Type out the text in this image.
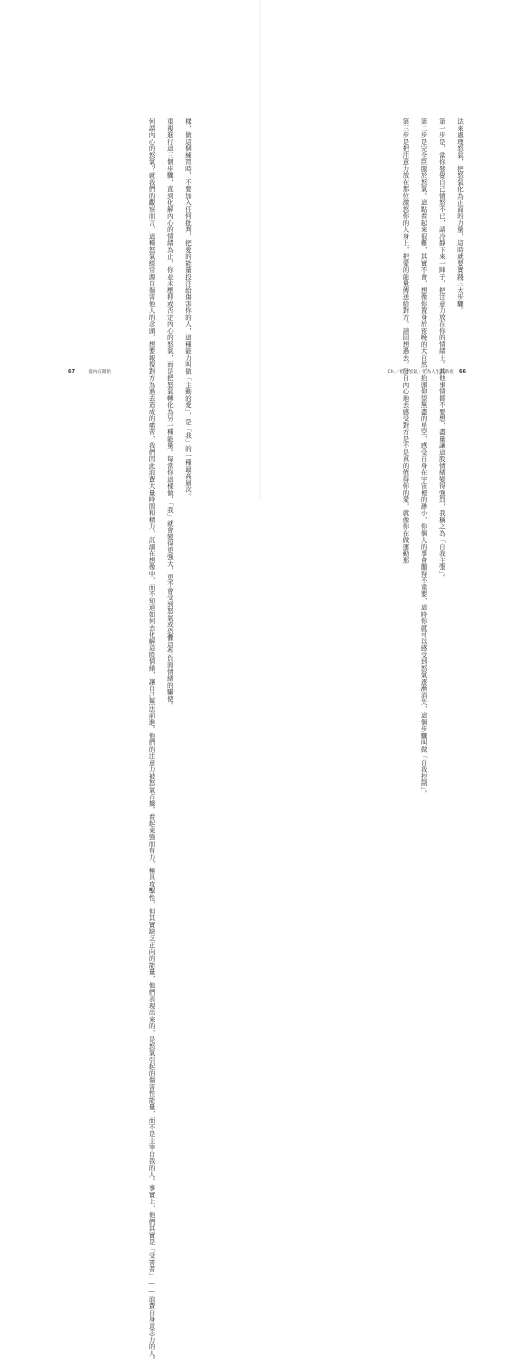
樣，做這個練習時，不要加入任何批判，把愛的能量投注給傷害你的人，這種能力叫做「主動的愛」，是「我」的一種最高層次。

重複進行這三個步驟，直到化解內心的情緒為止，你並未壓抑或否定內心的怒氣，而是把怒氣轉化為另一種能量。每當你這樣做，「我」就會變得更強大，更不會受到怒氣或恐懼這些負面情緒的驅使。

何謂內心的怒氣？就我們的觀察而言，這種怒氣經常源自傷害他人的念頭，想要報復對方為過去造成的痛苦，我們因此浪費大量時間和精力，沉溺在想像中，而不知道如何去化解這股情緒，讓自己無法前進。他們的注意力被怒氣占據，看起來強而有力，極具攻擊性，但其實缺乏正向的能量，他們表現出來的，是怒氣引起的傷害性能量，而不是主宰自我的人。事實上，他們其實是「受害者」——浪費自身意志力的人。

67	從內在開始

法來處理怒氣，把怒氣化為正面的力量，這時就要實踐三大步驟。

第一步是，當你發覺自己憤怒不已，請冷靜下來一陣子，把注意力放在你的情緒上。其他事情都不要想，盡量讓這股情緒變得強烈，我稱之為「自我主張」。

第二步是完全臣服於怒氣。這點看起來很難，其實不會，想像你置身於夜晚的大自然，抬頭仰望無盡的星空，感受自身在宇宙裡的渺小，你個人的事會顯得不重要，這時你就可以感受到怒氣逐漸消失，這個步驟叫做「自我控制」。

第三步是把注意力放在那位激怒你的人身上，把愛的能量傳送給對方。請回想過去，發自內心地去感受對方是不是真的值得你的愛，就像你在做運動那

Ch.／把「怒氣」化為人生的助攻 66
